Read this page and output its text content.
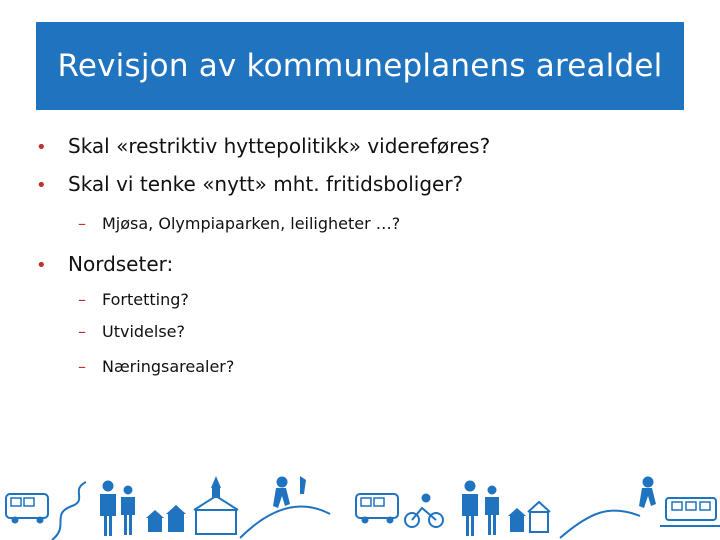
Revisjon av kommuneplanens arealdel
• Skal «restriktiv hyttepolitikk» videreføres?
• Skal vi tenke «nytt» mht. fritidsboliger?
– Mjøsa, Olympiaparken, leiligheter …?
• Nordseter:
– Fortetting?
– Utvidelse?
– Næringsarealer?
